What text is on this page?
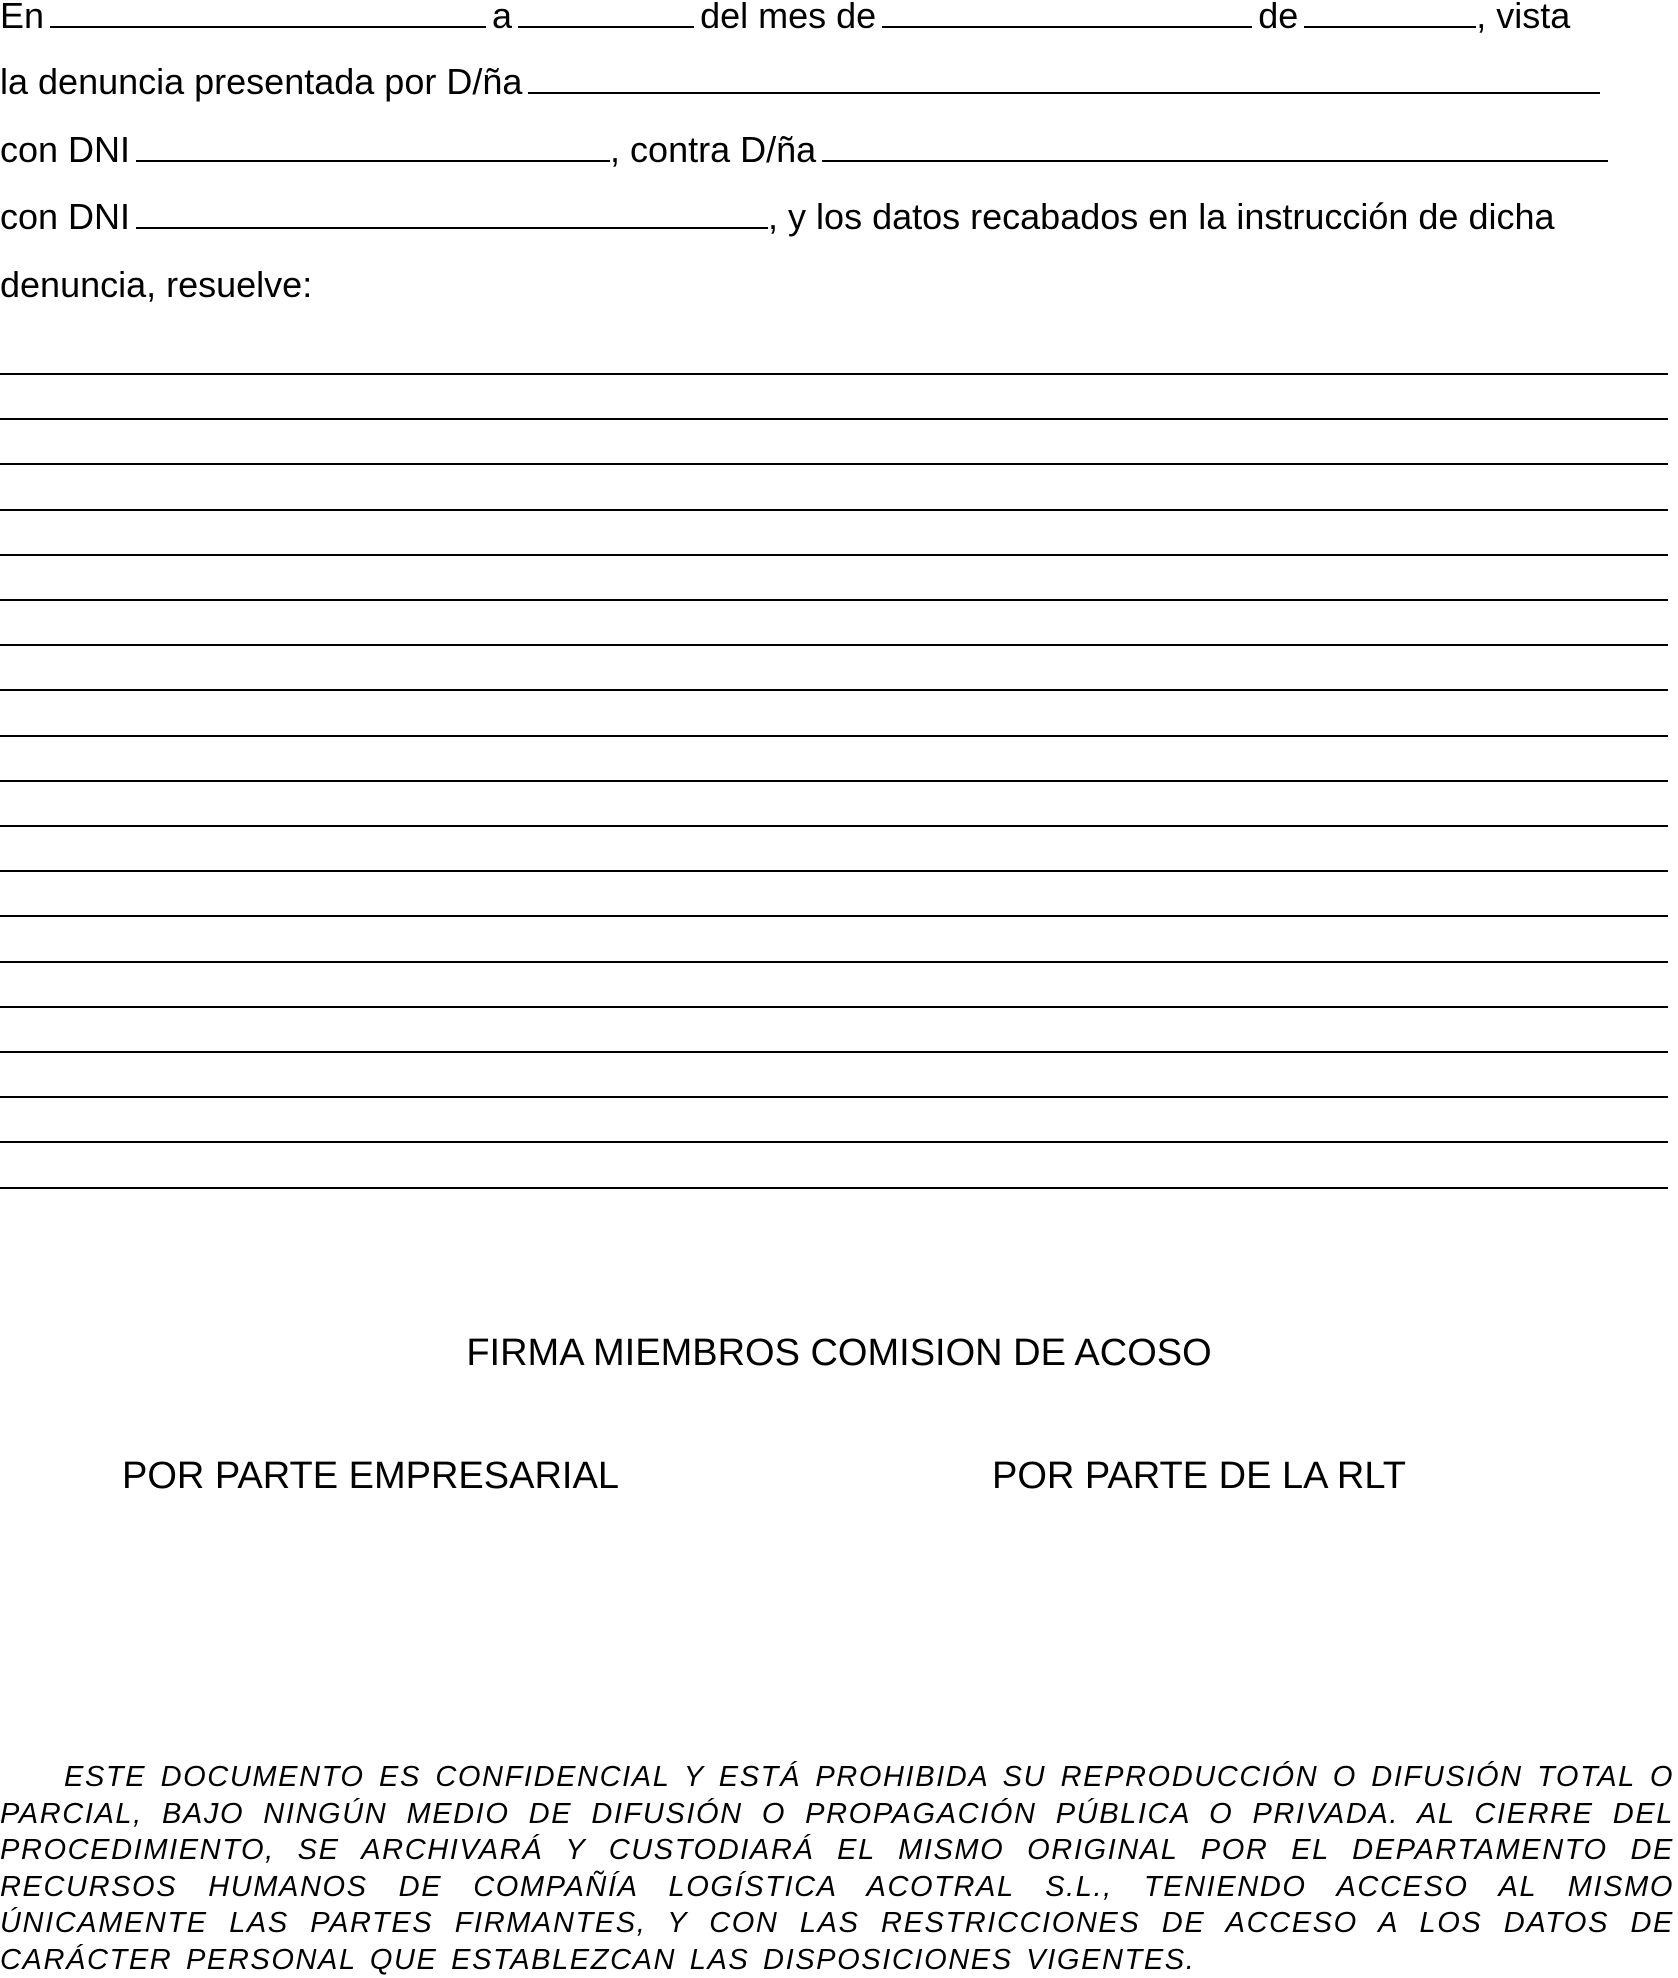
En	a	del mes de	de	, vista
la denuncia presentada por D/ña
con DNI	, contra D/ña
con DNI	, y los datos recabados en la instrucción de dicha
denuncia, resuelve:
FIRMA MIEMBROS COMISION DE ACOSO
POR PARTE EMPRESARIAL	POR PARTE DE LA RLT
ESTE DOCUMENTO ES CONFIDENCIAL Y ESTÁ PROHIBIDA SU REPRODUCCIÓN O DIFUSIÓN TOTAL O PARCIAL, BAJO NINGÚN MEDIO DE DIFUSIÓN O PROPAGACIÓN PÚBLICA O PRIVADA. AL CIERRE DEL PROCEDIMIENTO, SE ARCHIVARÁ Y CUSTODIARÁ EL MISMO ORIGINAL POR EL DEPARTAMENTO DE RECURSOS HUMANOS DE COMPAÑÍA LOGÍSTICA ACOTRAL S.L., TENIENDO ACCESO AL MISMO ÚNICAMENTE LAS PARTES FIRMANTES, Y CON LAS RESTRICCIONES DE ACCESO A LOS DATOS DE CARÁCTER PERSONAL QUE ESTABLEZCAN LAS DISPOSICIONES VIGENTES.
